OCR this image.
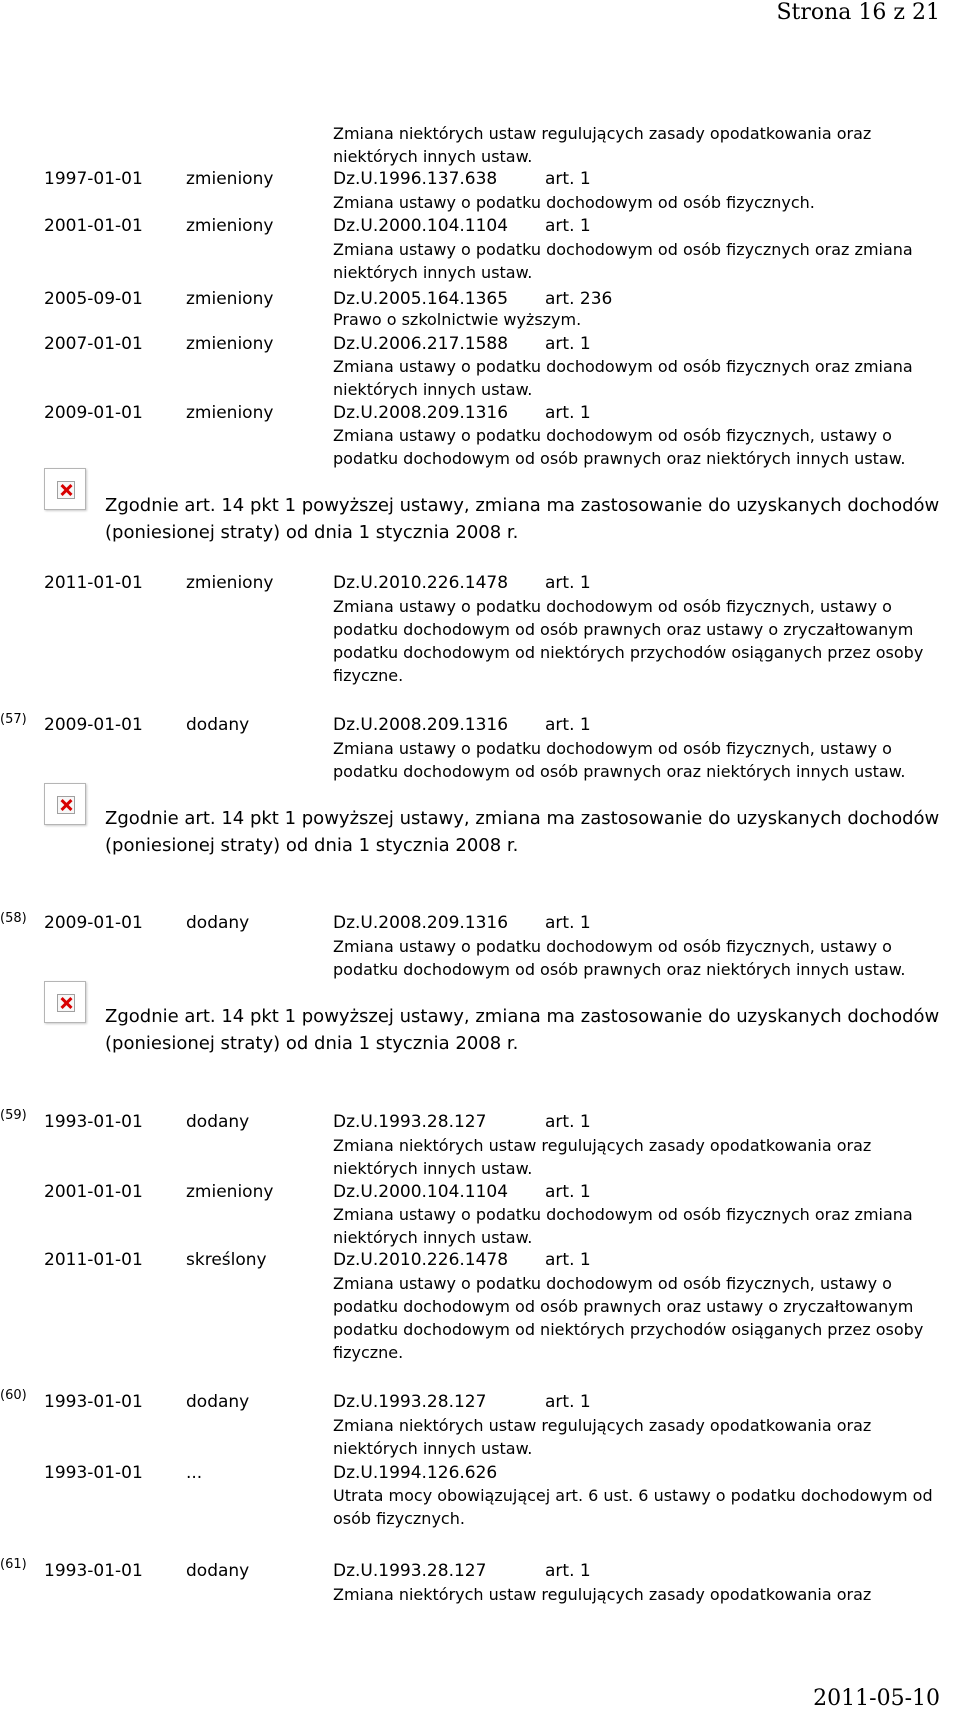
Strona 16 z 21
Zmiana niektórych ustaw regulujących zasady opodatkowania oraz
niektórych innych ustaw.
1997-01-01	zmieniony	Dz.U.1996.137.638	art. 1
Zmiana ustawy o podatku dochodowym od osób fizycznych.
2001-01-01	zmieniony	Dz.U.2000.104.1104 art. 1
Zmiana ustawy o podatku dochodowym od osób fizycznych oraz zmiana
niektórych innych ustaw.
2005-09-01	zmieniony	Dz.U.2005.164.1365 art. 236
Prawo o szkolnictwie wyższym.
2007-01-01	zmieniony	Dz.U.2006.217.1588 art. 1
Zmiana ustawy o podatku dochodowym od osób fizycznych oraz zmiana
niektórych innych ustaw.
2009-01-01	zmieniony	Dz.U.2008.209.1316 art. 1
Zmiana ustawy o podatku dochodowym od osób fizycznych, ustawy o
podatku dochodowym od osób prawnych oraz niektórych innych ustaw.
Zgodnie art. 14 pkt 1 powyższej ustawy, zmiana ma zastosowanie do uzyskanych dochodów
(poniesionej straty) od dnia 1 stycznia 2008 r.
2011-01-01	zmieniony	Dz.U.2010.226.1478 art. 1
Zmiana ustawy o podatku dochodowym od osób fizycznych, ustawy o
podatku dochodowym od osób prawnych oraz ustawy o zryczałtowanym
podatku dochodowym od niektórych przychodów osiąganych przez osoby
fizyczne.
(57) 2009-01-01	dodany	Dz.U.2008.209.1316 art. 1
Zmiana ustawy o podatku dochodowym od osób fizycznych, ustawy o
podatku dochodowym od osób prawnych oraz niektórych innych ustaw.
Zgodnie art. 14 pkt 1 powyższej ustawy, zmiana ma zastosowanie do uzyskanych dochodów
(poniesionej straty) od dnia 1 stycznia 2008 r.
(58) 2009-01-01	dodany	Dz.U.2008.209.1316 art. 1
Zmiana ustawy o podatku dochodowym od osób fizycznych, ustawy o
podatku dochodowym od osób prawnych oraz niektórych innych ustaw.
Zgodnie art. 14 pkt 1 powyższej ustawy, zmiana ma zastosowanie do uzyskanych dochodów
(poniesionej straty) od dnia 1 stycznia 2008 r.
(59) 1993-01-01	dodany	Dz.U.1993.28.127	art. 1
Zmiana niektórych ustaw regulujących zasady opodatkowania oraz
niektórych innych ustaw.
2001-01-01	zmieniony	Dz.U.2000.104.1104 art. 1
Zmiana ustawy o podatku dochodowym od osób fizycznych oraz zmiana
niektórych innych ustaw.
2011-01-01	skreślony	Dz.U.2010.226.1478 art. 1
Zmiana ustawy o podatku dochodowym od osób fizycznych, ustawy o
podatku dochodowym od osób prawnych oraz ustawy o zryczałtowanym
podatku dochodowym od niektórych przychodów osiąganych przez osoby
fizyczne.
(60) 1993-01-01	dodany	Dz.U.1993.28.127	art. 1
Zmiana niektórych ustaw regulujących zasady opodatkowania oraz
niektórych innych ustaw.
1993-01-01	...	Dz.U.1994.126.626
Utrata mocy obowiązującej art. 6 ust. 6 ustawy o podatku dochodowym od
osób fizycznych.
(61) 1993-01-01	dodany	Dz.U.1993.28.127	art. 1
Zmiana niektórych ustaw regulujących zasady opodatkowania oraz
2011-05-10
